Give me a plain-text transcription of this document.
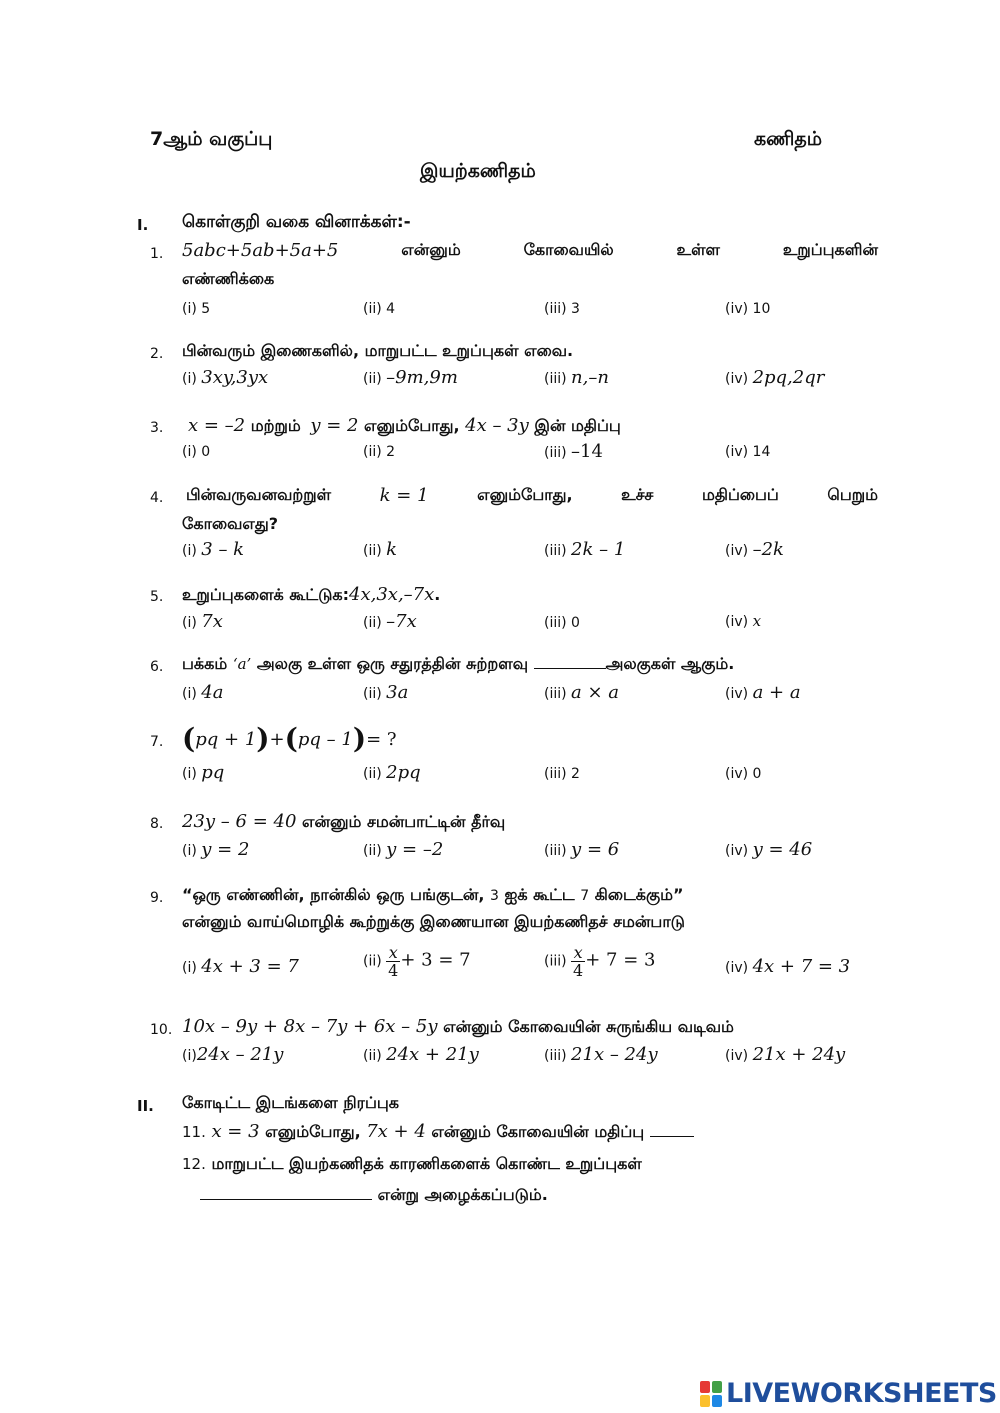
7ஆம் வகுப்பு	கணிதம்
இயற்கணிதம்
I. கொள்குறி வகை வினாக்கள்:-
1. 5abc+5ab+5a+5	என்னும்	கோவையில்	உள்ள	உறுப்புகளின்
எண்ணிக்கை
(i) 5	(ii) 4	(iii) 3	(iv) 10
2. பின்வரும் இணைகளில், மாறுபட்ட உறுப்புகள் எவை.
(i) 3xy,3yx	(ii) –9m,9m	(iii) n,–n	(iv) 2pq,2qr
3. x = –2 மற்றும் y = 2 எனும்போது, 4x – 3y இன் மதிப்பு
(i) 0	(ii) 2	(iii) –14	(iv) 14
4. பின்வருவனவற்றுள்	k = 1	எனும்போது,	உச்ச	மதிப்பைப்	பெறும்
கோவைஎது?
(i) 3 – k	(ii) k	(iii) 2k – 1	(iv) –2k
5. உறுப்புகளைக் கூட்டுக:4x,3x,–7x.
(i) 7x	(ii) –7x	(iii) 0	(iv) x
6. பக்கம் ‘a’ அலகு உள்ள ஒரு சதுரத்தின் சுற்றளவு	அலகுகள் ஆகும்.
(i) 4a	(ii) 3a	(iii) a × a	(iv) a + a
7. (pq + 1)+(pq – 1)= ?
(i) pq	(ii) 2pq	(iii) 2	(iv) 0
8. 23y – 6 = 40 என்னும் சமன்பாட்டின் தீர்வு
(i) y = 2	(ii) y = –2	(iii) y = 6	(iv) y = 46
9. “ஒரு எண்ணின், நான்கில் ஒரு பங்குடன், 3 ஐக் கூட்ட 7 கிடைக்கும்”
என்னும் வாய்மொழிக் கூற்றுக்கு இணையான இயற்கணிதச் சமன்பாடு
(i) 4x + 3 = 7	$(ii) \frac{x}{4} + 3 = 7$	$(iii) \frac{x}{4} + 7 = 3$	(iv) 4x + 7 = 3
10. 10x – 9y + 8x – 7y + 6x – 5y என்னும் கோவையின் சுருங்கிய வடிவம்
(i)24x – 21y	(ii) 24x + 21y	(iii) 21x – 24y	(iv) 21x + 24y
II. கோடிட்ட இடங்களை நிரப்புக
11. x = 3 எனும்போது, 7x + 4 என்னும் கோவையின் மதிப்பு
12. மாறுபட்ட இயற்கணிதக் காரணிகளைக் கொண்ட உறுப்புகள்
என்று அழைக்கப்படும்.
LIVEWORKSHEETS
